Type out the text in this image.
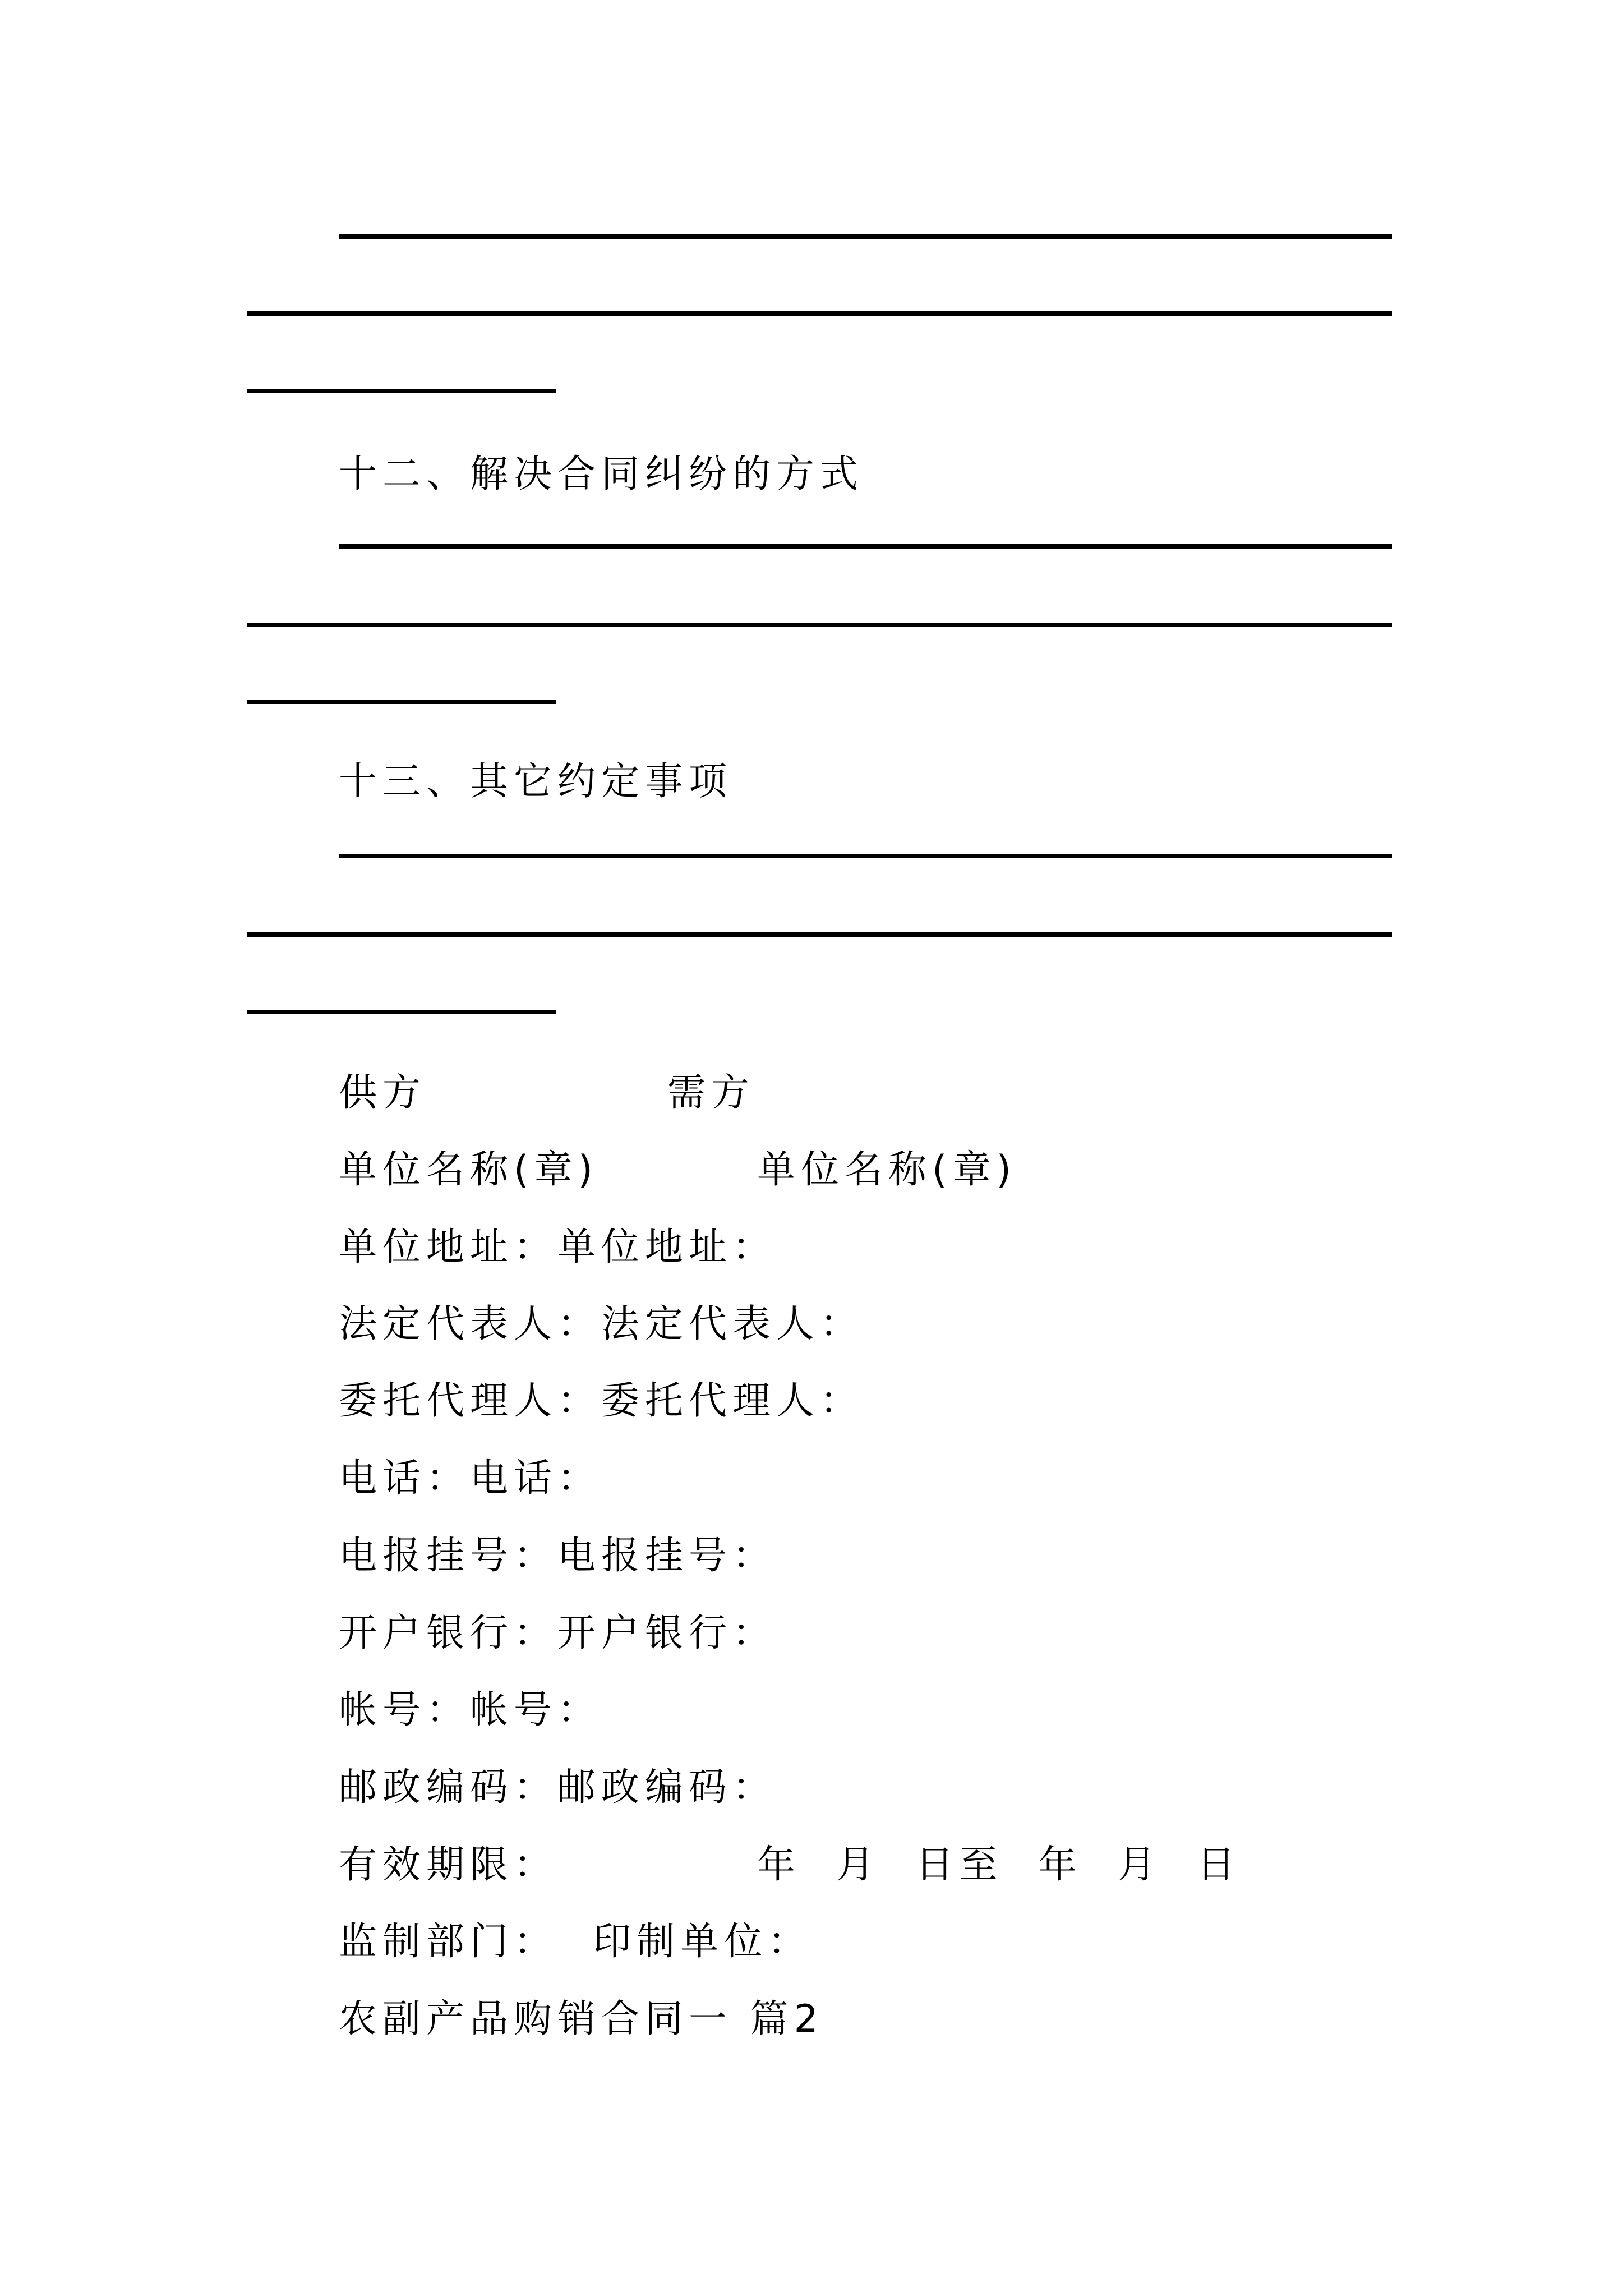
十二、解决合同纠纷的方式
十三、其它约定事项
供方	需方
单位名称(章)	单位名称(章)
单位地址：单位地址：
法定代表人：法定代表人：
委托代理人：委托代理人：
电话：电话：
电报挂号：电报挂号：
开户银行：开户银行：
帐号：帐号：
邮政编码：邮政编码：
有效期限：	年  月  日至  年  月  日
监制部门：  印制单位：
农副产品购销合同一 篇2
